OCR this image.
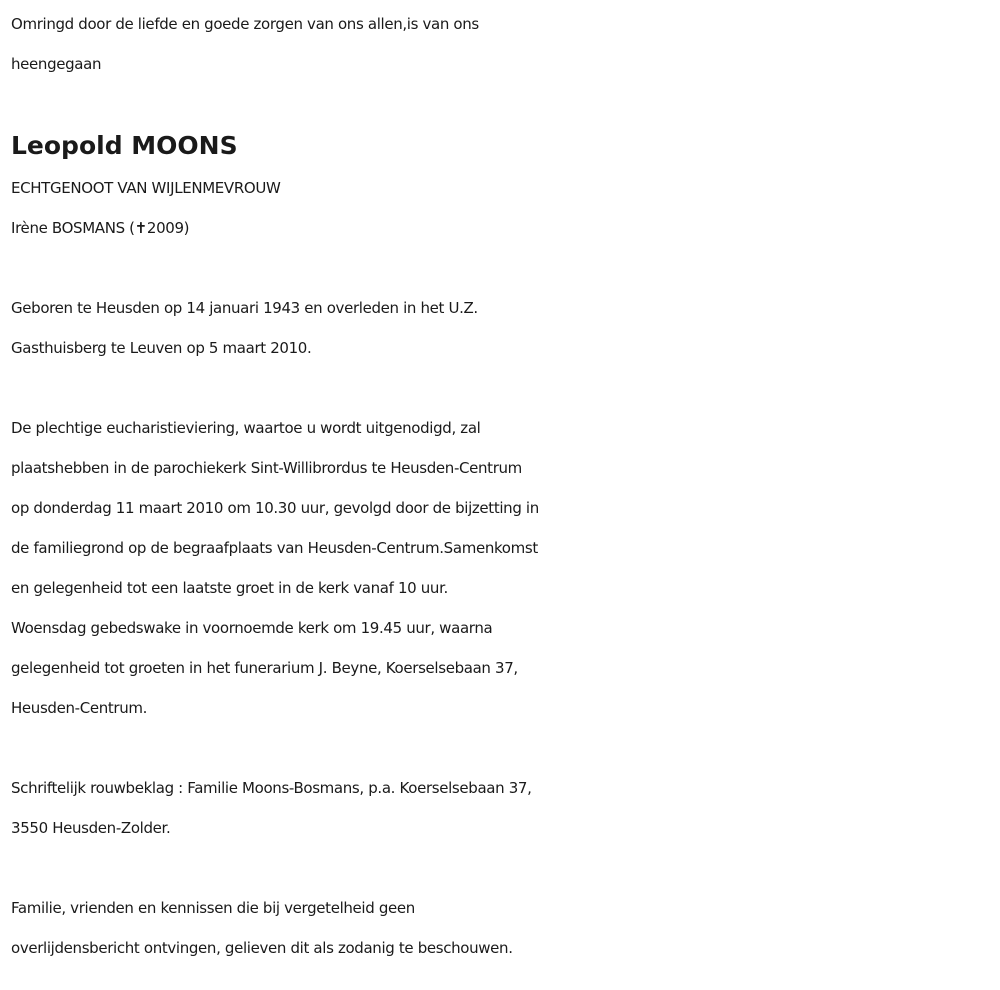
Omringd door de liefde en goede zorgen van ons allen,is van ons

heengegaan

Leopold MOONS

ECHTGENOOT VAN WIJLENMEVROUW

Irène BOSMANS (✝2009)

Geboren te Heusden op 14 januari 1943 en overleden in het U.Z.

Gasthuisberg te Leuven op 5 maart 2010.

De plechtige eucharistieviering, waartoe u wordt uitgenodigd, zal

plaatshebben in de parochiekerk Sint-Willibrordus te Heusden-Centrum

op donderdag 11 maart 2010 om 10.30 uur, gevolgd door de bijzetting in

de familiegrond op de begraafplaats van Heusden-Centrum.Samenkomst

en gelegenheid tot een laatste groet in de kerk vanaf 10 uur.

Woensdag gebedswake in voornoemde kerk om 19.45 uur, waarna

gelegenheid tot groeten in het funerarium J. Beyne, Koerselsebaan 37,

Heusden-Centrum.

Schriftelijk rouwbeklag : Familie Moons-Bosmans, p.a. Koerselsebaan 37,

3550 Heusden-Zolder.

Familie, vrienden en kennissen die bij vergetelheid geen

overlijdensbericht ontvingen, gelieven dit als zodanig te beschouwen.
